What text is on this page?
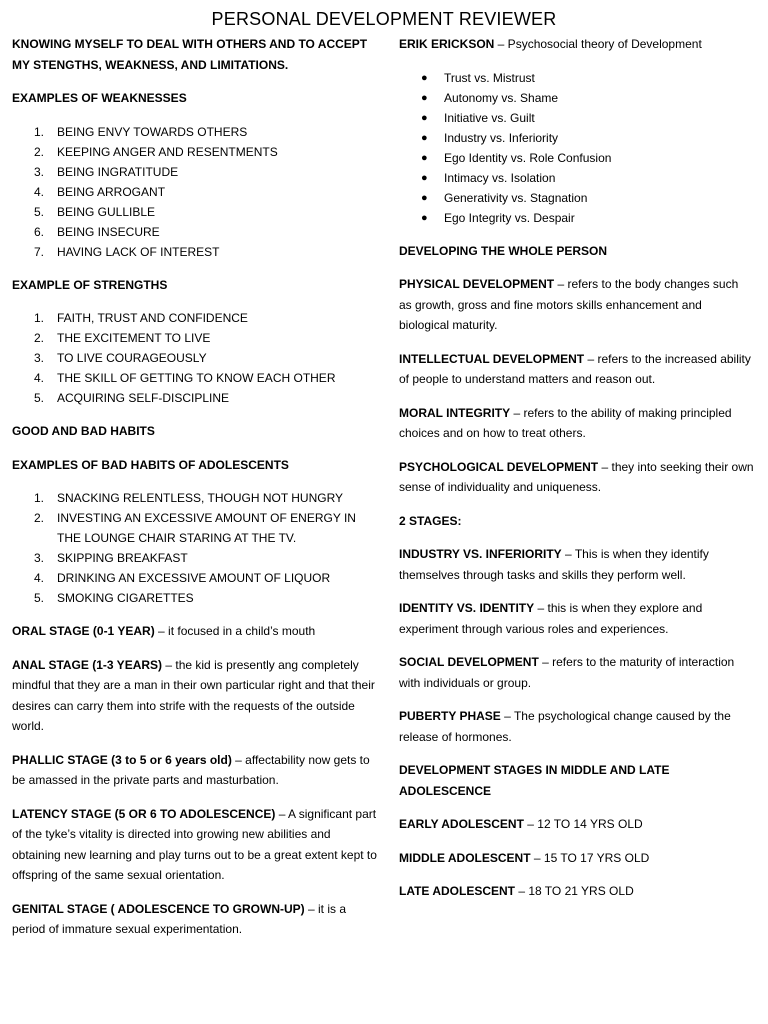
PERSONAL DEVELOPMENT REVIEWER

KNOWING MYSELF TO DEAL WITH OTHERS AND TO ACCEPT MY STENGTHS, WEAKNESS, AND LIMITATIONS.

EXAMPLES OF WEAKNESSES

1. BEING ENVY TOWARDS OTHERS
2. KEEPING ANGER AND RESENTMENTS
3. BEING INGRATITUDE
4. BEING ARROGANT
5. BEING GULLIBLE
6. BEING INSECURE
7. HAVING LACK OF INTEREST

EXAMPLE OF STRENGTHS

1. FAITH, TRUST AND CONFIDENCE
2. THE EXCITEMENT TO LIVE
3. TO LIVE COURAGEOUSLY
4. THE SKILL OF GETTING TO KNOW EACH OTHER
5. ACQUIRING SELF-DISCIPLINE

GOOD AND BAD HABITS

EXAMPLES OF BAD HABITS OF ADOLESCENTS

1. SNACKING RELENTLESS, THOUGH NOT HUNGRY
2. INVESTING AN EXCESSIVE AMOUNT OF ENERGY IN THE LOUNGE CHAIR STARING AT THE TV.
3. SKIPPING BREAKFAST
4. DRINKING AN EXCESSIVE AMOUNT OF LIQUOR
5. SMOKING CIGARETTES

ORAL STAGE (0-1 YEAR) – it focused in a child’s mouth

ANAL STAGE (1-3 YEARS) – the kid is presently ang completely mindful that they are a man in their own particular right and that their desires can carry them into strife with the requests of the outside world.

PHALLIC STAGE (3 to 5 or 6 years old) – affectability now gets to be amassed in the private parts and masturbation.

LATENCY STAGE (5 OR 6 TO ADOLESCENCE) – A significant part of the tyke’s vitality is directed into growing new abilities and obtaining new learning and play turns out to be a great extent kept to offspring of the same sexual orientation.

GENITAL STAGE ( ADOLESCENCE TO GROWN-UP) – it is a period of immature sexual experimentation.

ERIK ERICKSON – Psychosocial theory of Development

● Trust vs. Mistrust
● Autonomy vs. Shame
● Initiative vs. Guilt
● Industry vs. Inferiority
● Ego Identity vs. Role Confusion
● Intimacy vs. Isolation
● Generativity vs. Stagnation
● Ego Integrity vs. Despair

DEVELOPING THE WHOLE PERSON

PHYSICAL DEVELOPMENT – refers to the body changes such as growth, gross and fine motors skills enhancement and biological maturity.

INTELLECTUAL DEVELOPMENT – refers to the increased ability of people to understand matters and reason out.

MORAL INTEGRITY – refers to the ability of making principled choices and on how to treat others.

PSYCHOLOGICAL DEVELOPMENT – they into seeking their own sense of individuality and uniqueness.

2 STAGES:

INDUSTRY VS. INFERIORITY – This is when they identify themselves through tasks and skills they perform well.

IDENTITY VS. IDENTITY – this is when they explore and experiment through various roles and experiences.

SOCIAL DEVELOPMENT – refers to the maturity of interaction with individuals or group.

PUBERTY PHASE – The psychological change caused by the release of hormones.

DEVELOPMENT STAGES IN MIDDLE AND LATE ADOLESCENCE

EARLY ADOLESCENT – 12 TO 14 YRS OLD

MIDDLE ADOLESCENT – 15 TO 17 YRS OLD

LATE ADOLESCENT – 18 TO 21 YRS OLD
